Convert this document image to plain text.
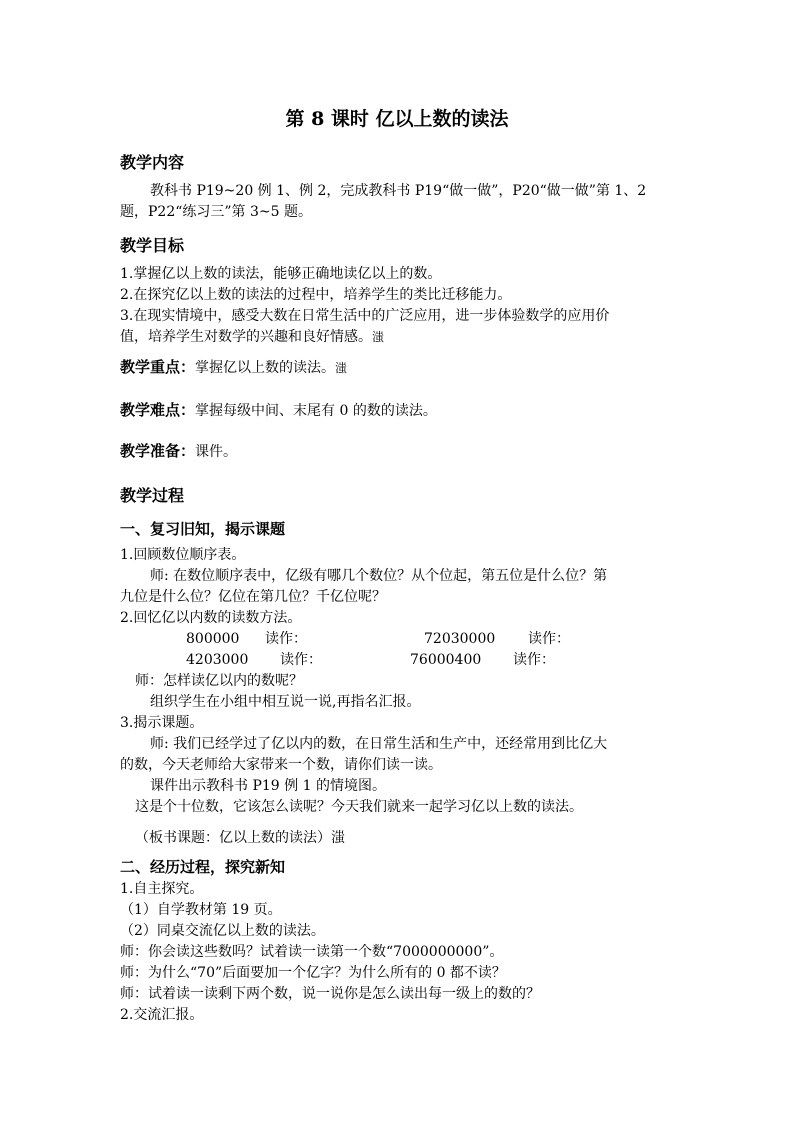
第 8 课时 亿以上数的读法
教学内容
教科书 P19~20 例 1、例 2，完成教科书 P19“做一做”，P20“做一做”第 1、2
题，P22“练习三”第 3~5 题。
教学目标
1.掌握亿以上数的读法，能够正确地读亿以上的数。
2.在探究亿以上数的读法的过程中，培养学生的类比迁移能力。
3.在现实情境中，感受大数在日常生活中的广泛应用，进一步体验数学的应用价
值，培养学生对数学的兴趣和良好情感。滍
教学重点：掌握亿以上数的读法。滍
教学难点：掌握每级中间、末尾有 0 的数的读法。
教学准备：课件。
教学过程
一、复习旧知，揭示课题
1.回顾数位顺序表。
师: 在数位顺序表中，亿级有哪几个数位？从个位起，第五位是什么位？第
九位是什么位？亿位在第几位？千亿位呢？
2.回忆亿以内数的读数方法。
800000 读作：	72030000 读作：
4203000 读作：	76000400 读作：
师：怎样读亿以内的数呢？
组织学生在小组中相互说一说,再指名汇报。
3.揭示课题。
师: 我们已经学过了亿以内的数，在日常生活和生产中，还经常用到比亿大
的数，今天老师给大家带来一个数，请你们读一读。
课件出示教科书 P19 例 1 的情境图。
这是个十位数，它该怎么读呢？今天我们就来一起学习亿以上数的读法。
（板书课题：亿以上数的读法）滍
二、经历过程，探究新知
1.自主探究。
（1）自学教材第 19 页。
（2）同桌交流亿以上数的读法。
师：你会读这些数吗？试着读一读第一个数“7000000000”。
师：为什么“70”后面要加一个亿字？为什么所有的 0 都不读？
师：试着读一读剩下两个数，说一说你是怎么读出每一级上的数的？
2.交流汇报。
